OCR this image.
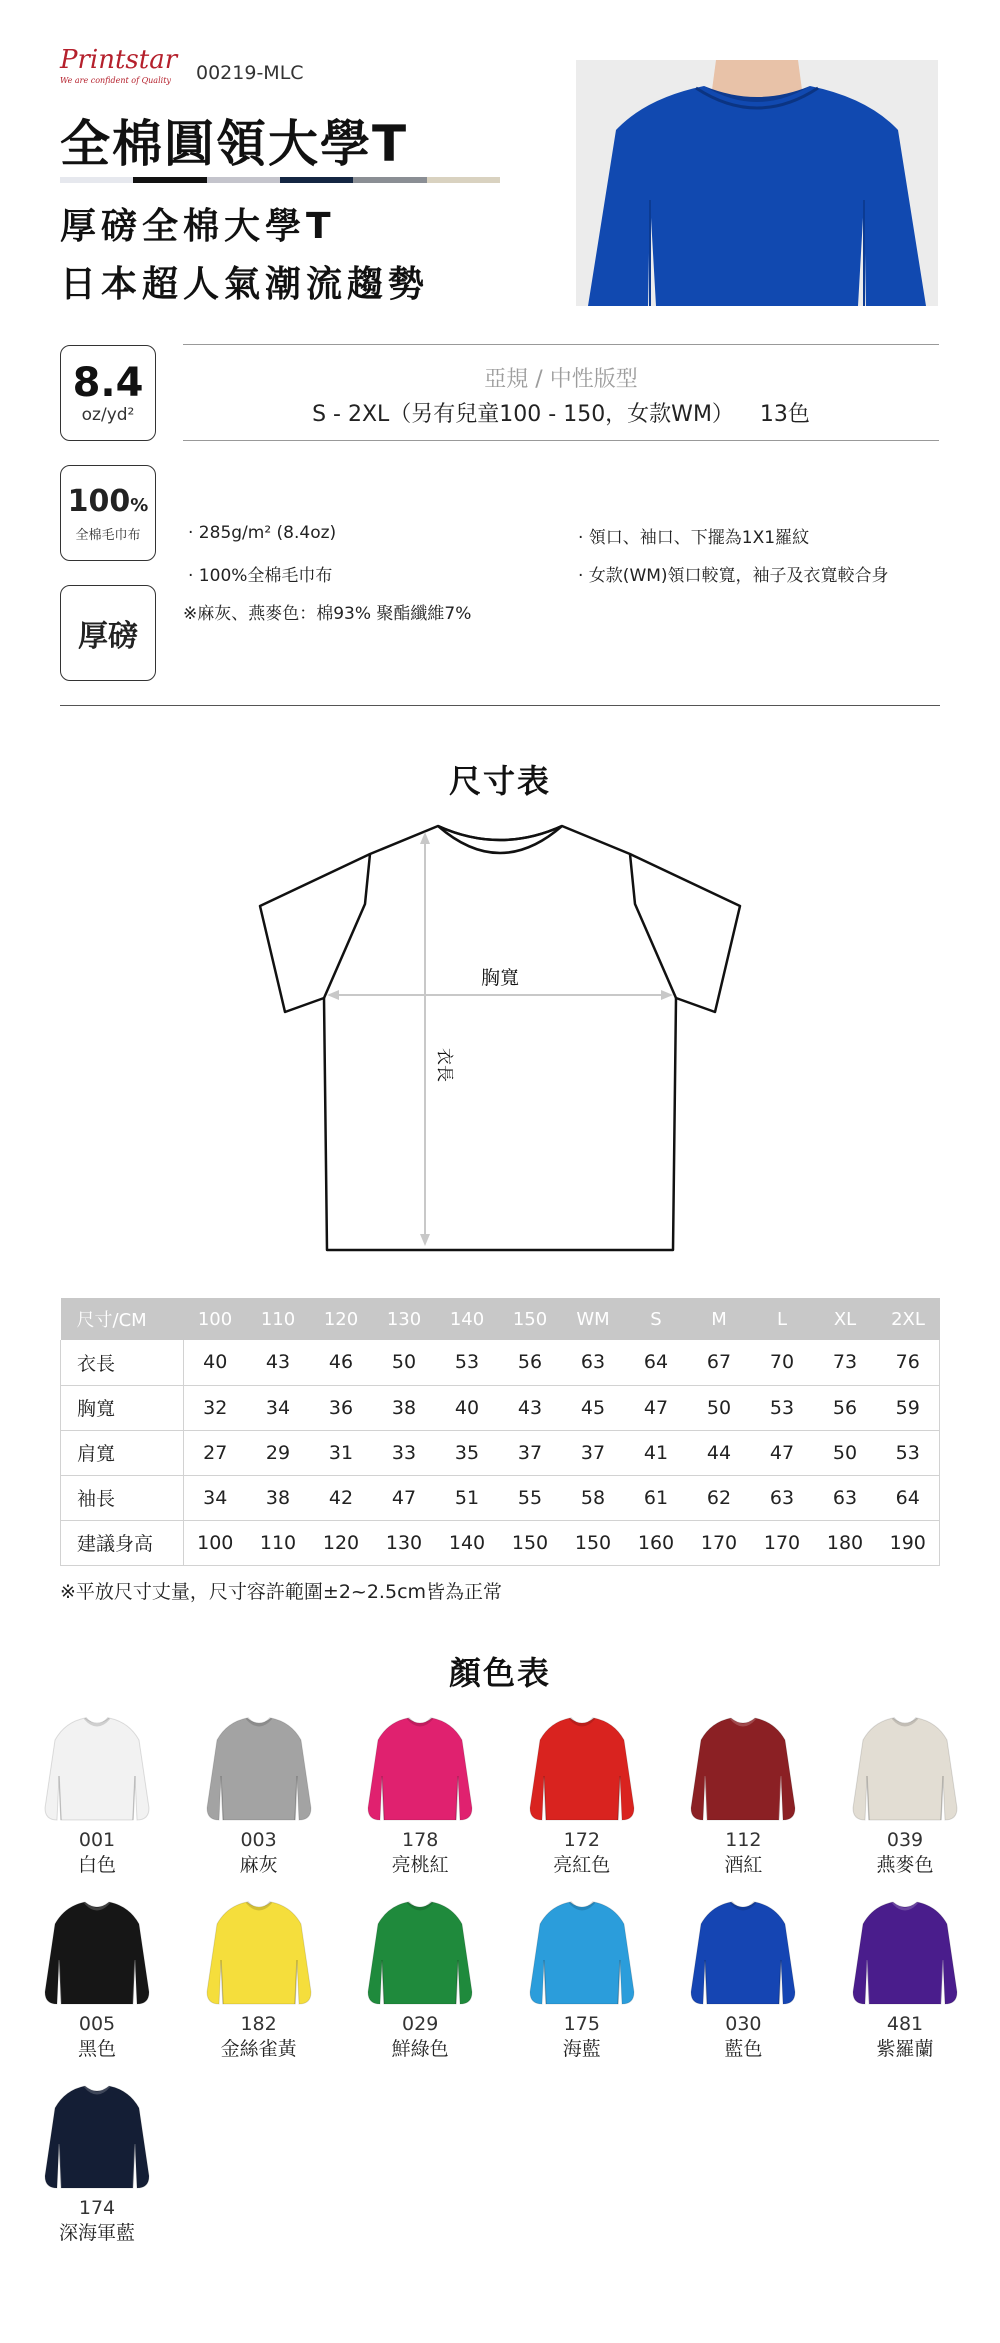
Printstar
We are confident of Quality	00219-MLC
全棉圓領大學T
厚磅全棉大學T
日本超人氣潮流趨勢
8.4
oz/yd²
100%
全棉毛巾布
厚磅
亞規 / 中性版型
S - 2XL（另有兒童100 - 150，女款WM） 13色
· 285g/m² (8.4oz)
· 100%全棉毛巾布
※麻灰、燕麥色：棉93% 聚酯纖維7%
· 領口、袖口、下擺為1X1羅紋
· 女款(WM)領口較寬，袖子及衣寬較合身
尺寸表
胸寬
衣長
尺寸/CM	100	110	120	130	140	150	WM	S	M	L	XL	2XL
衣長	40	43	46	50	53	56	63	64	67	70	73	76
胸寬	32	34	36	38	40	43	45	47	50	53	56	59
肩寬	27	29	31	33	35	37	37	41	44	47	50	53
袖長	34	38	42	47	51	55	58	61	62	63	63	64
建議身高	100	110	120	130	140	150	150	160	170	170	180	190
※平放尺寸丈量，尺寸容許範圍±2~2.5cm皆為正常
顏色表
001
白色
003
麻灰
178
亮桃紅
172
亮紅色
112
酒紅
039
燕麥色
005
黑色
182
金絲雀黃
029
鮮綠色
175
海藍
030
藍色
481
紫羅蘭
174
深海軍藍
